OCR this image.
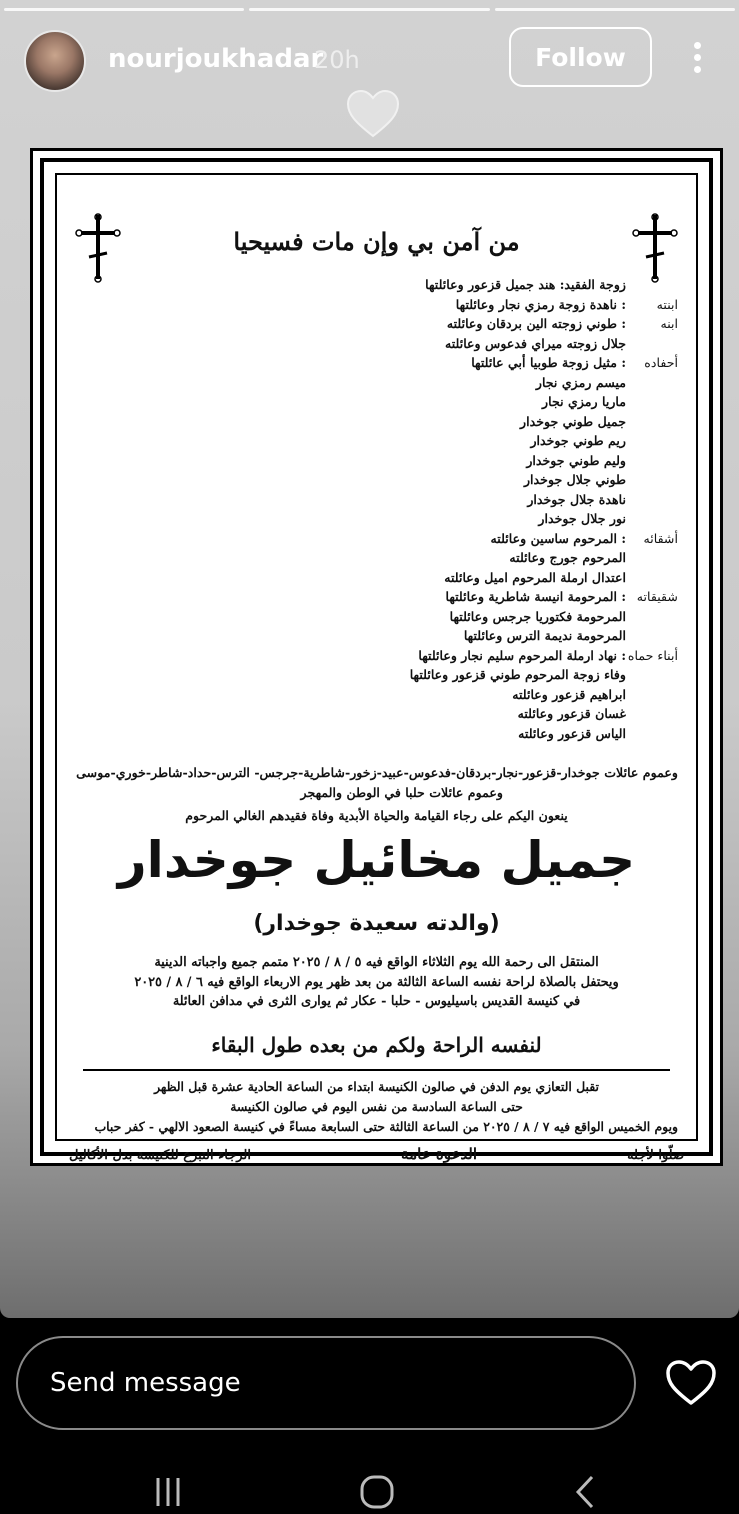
nourjoukhadar
20h	Follow
من آمن بي وإن مات فسيحيا
زوجة الفقيد: هند جميل قزعور وعائلتها
ابنته
: ناهدة زوجة رمزي نجار وعائلتها
ابنه
: طوني زوجته الين بردقان وعائلته
جلال زوجته ميراي فدعوس وعائلته
أحفاده
: مثيل زوجة طوبيا أبي عائلتها
ميسم رمزي نجار
ماريا رمزي نجار
جميل طوني جوخدار
ريم طوني جوخدار
وليم طوني جوخدار
طوني جلال جوخدار
ناهدة جلال جوخدار
نور جلال جوخدار
أشقائه
: المرحوم ساسين وعائلته
المرحوم جورج وعائلته
اعتدال ارملة المرحوم اميل وعائلته
شقيقاته
: المرحومة انيسة شاطرية وعائلتها
المرحومة فكتوريا جرجس وعائلتها
المرحومة نديمة الترس وعائلتها
أبناء حماه
: نهاد ارملة المرحوم سليم نجار وعائلتها
وفاء زوجة المرحوم طوني قزعور وعائلتها
ابراهيم قزعور وعائلته
غسان قزعور وعائلته
الياس قزعور وعائلته
وعموم عائلات جوخدار-قزعور-نجار-بردقان-فدعوس-عبيد-زخور-شاطرية-جرجس- الترس-حداد-شاطر-خوري-موسى
وعموم عائلات حلبا في الوطن والمهجر
ينعون اليكم على رجاء القيامة والحياة الأبدية وفاة فقيدهم الغالي المرحوم
جميل مخائيل جوخدار
(والدته سعيدة جوخدار)
المنتقل الى رحمة الله يوم الثلاثاء الواقع فيه ٥ / ٨ / ٢٠٢٥ متمم جميع واجباته الدينية
ويحتفل بالصلاة لراحة نفسه الساعة الثالثة من بعد ظهر يوم الاربعاء الواقع فيه ٦ / ٨ / ٢٠٢٥
في كنيسة القديس باسيليوس - حلبا - عكار ثم يوارى الثرى في مدافن العائلة
لنفسه الراحة ولكم من بعده طول البقاء
تقبل التعازي يوم الدفن في صالون الكنيسة ابتداء من الساعة الحادية عشرة قبل الظهر
حتى الساعة السادسة من نفس اليوم في صالون الكنيسة
ويوم الخميس الواقع فيه ٧ / ٨ / ٢٠٢٥ من الساعة الثالثة حتى السابعة مساءً في كنيسة الصعود الالهي - كفر حباب
صلّوا لأجله
الدعوة عامة
الرجاء التبرع للكنيسة بدل الأكاليل
Send message
